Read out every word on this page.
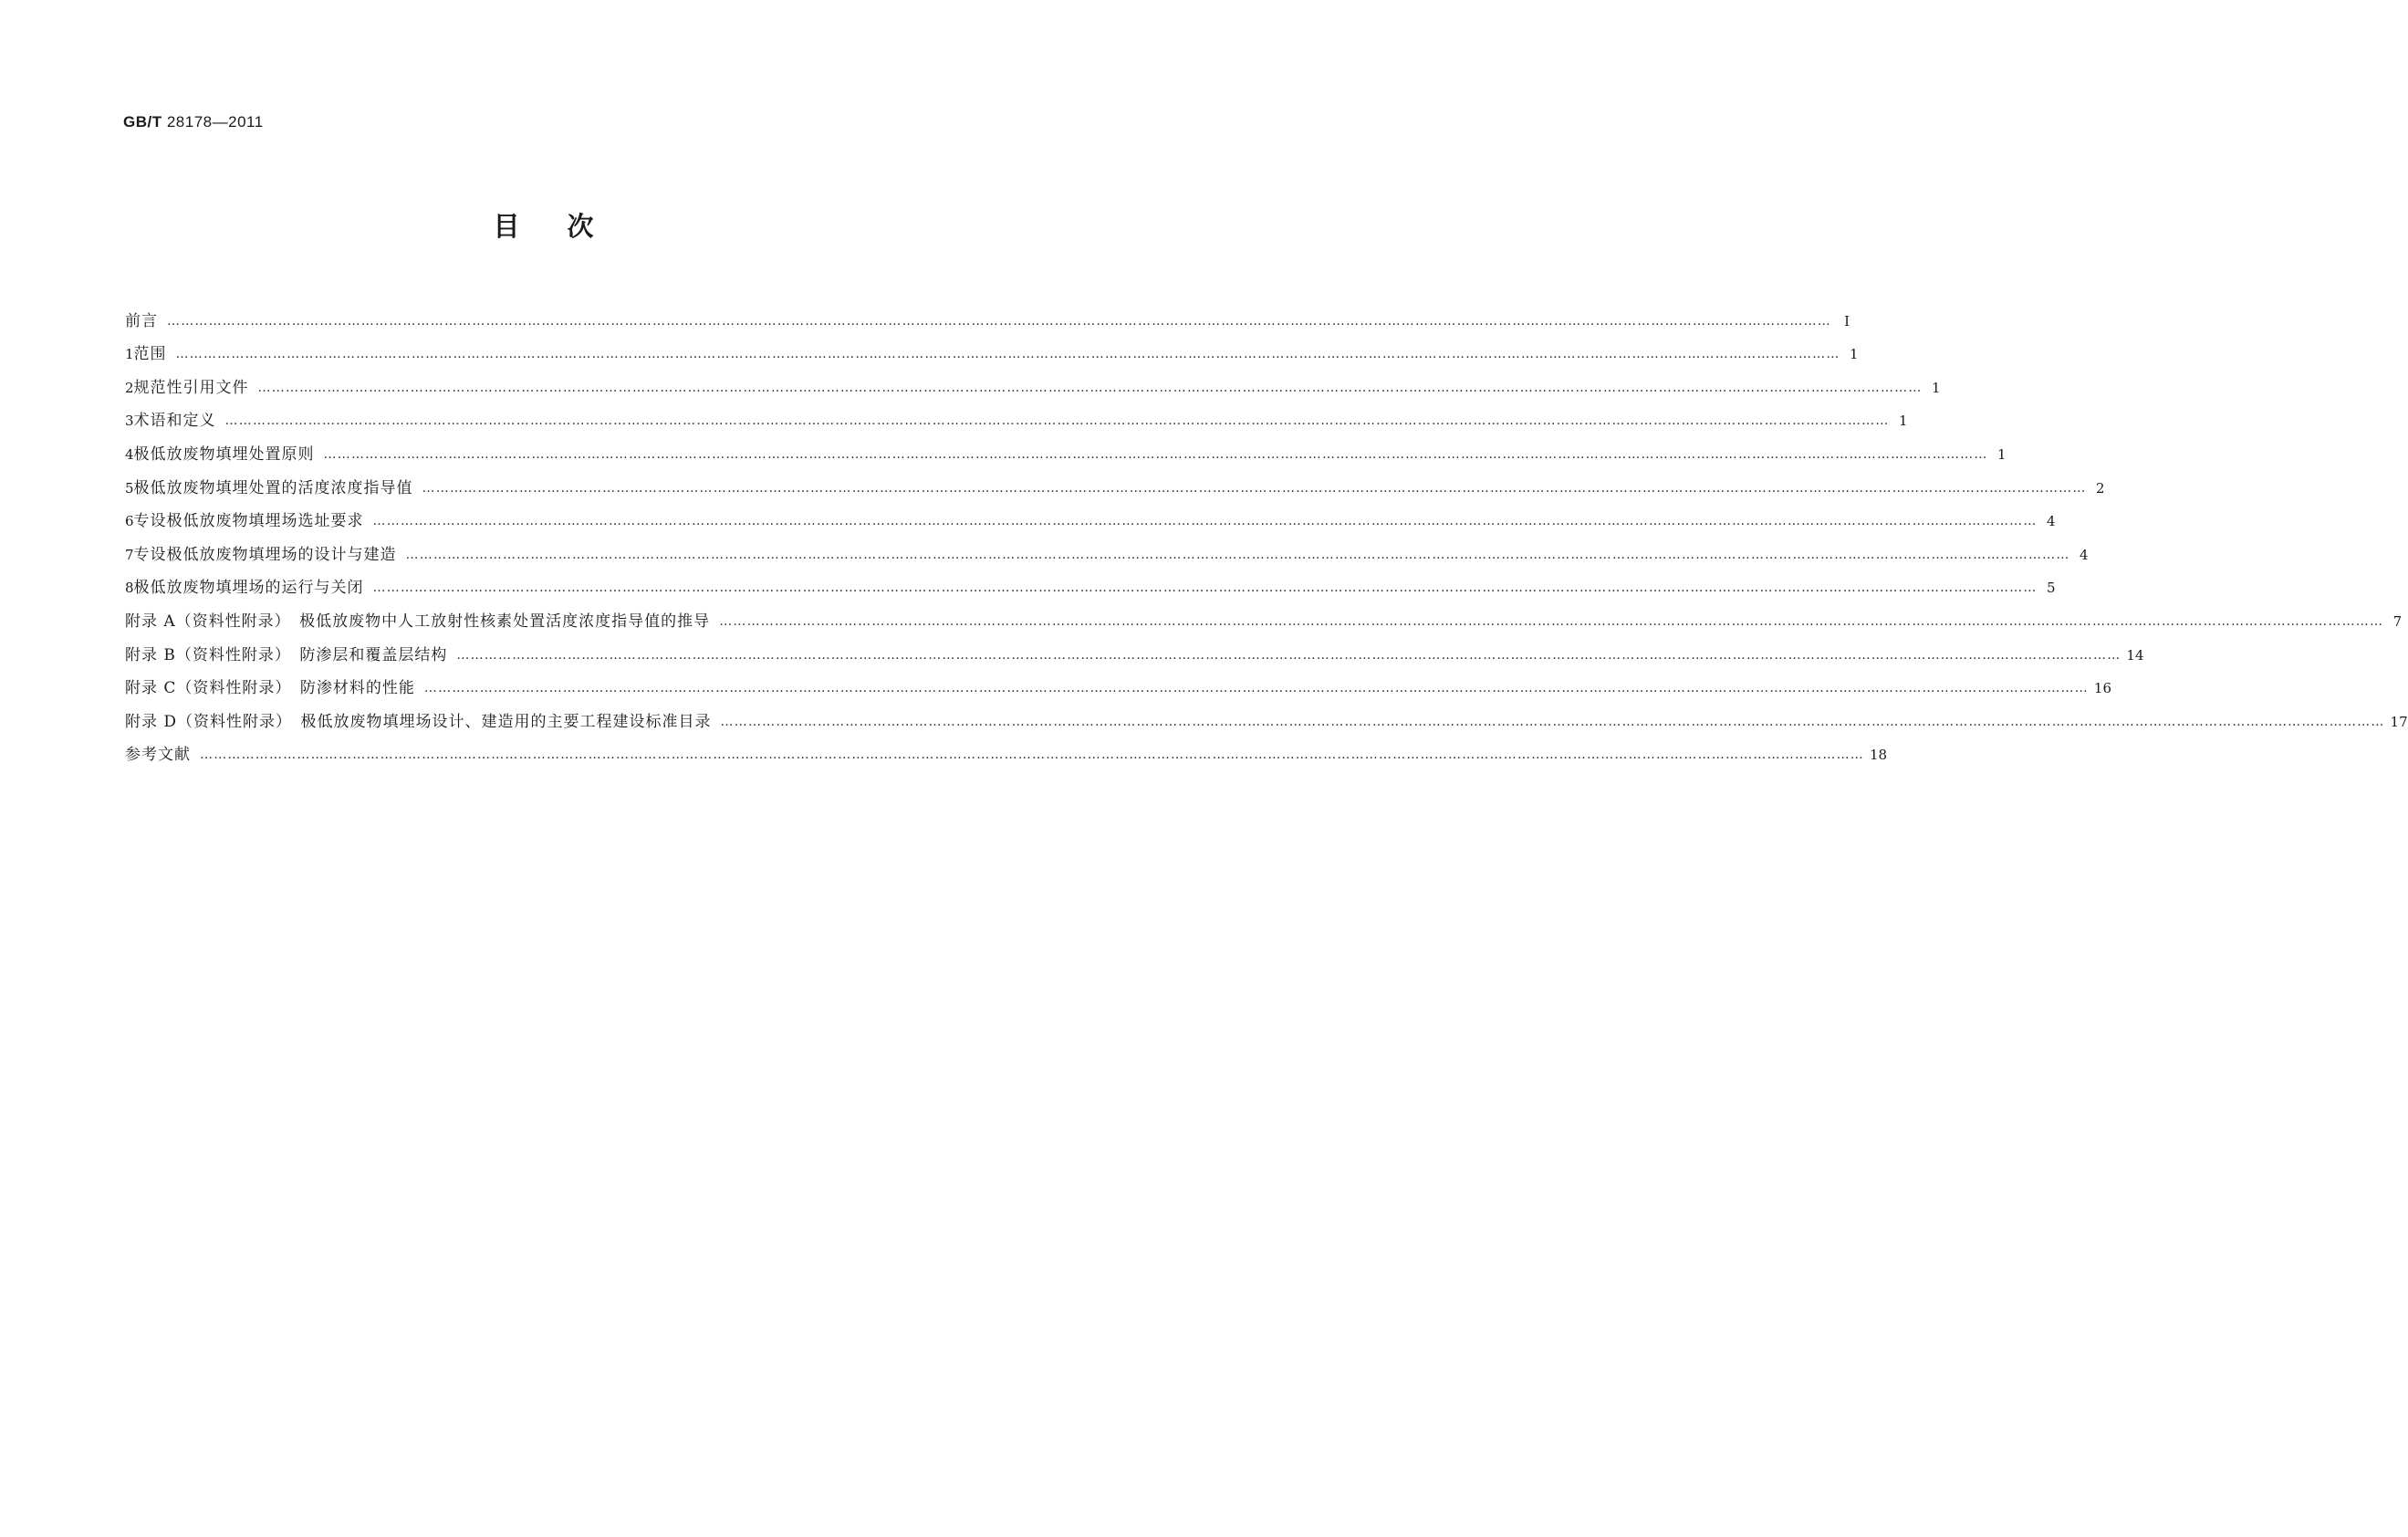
GB/T 28178—2011
目次
前言 ……………………………………………………………………………………………………………………………………………………………………………………………………………………………………………………………………………………………………………………………… Ⅰ
1 范围 ……………………………………………………………………………………………………………………………………………………………………………………………………………………………………………………………………………………………………………………………… 1
2 规范性引用文件 ……………………………………………………………………………………………………………………………………………………………………………………………………………………………………………………………………………………………………………………………… 1
3 术语和定义 ……………………………………………………………………………………………………………………………………………………………………………………………………………………………………………………………………………………………………………………………… 1
4 极低放废物填埋处置原则 ……………………………………………………………………………………………………………………………………………………………………………………………………………………………………………………………………………………………………………………………… 1
5 极低放废物填埋处置的活度浓度指导值 ……………………………………………………………………………………………………………………………………………………………………………………………………………………………………………………………………………………………………………………………… 2
6 专设极低放废物填埋场选址要求 ……………………………………………………………………………………………………………………………………………………………………………………………………………………………………………………………………………………………………………………………… 4
7 专设极低放废物填埋场的设计与建造 ……………………………………………………………………………………………………………………………………………………………………………………………………………………………………………………………………………………………………………………………… 4
8 极低放废物填埋场的运行与关闭 ……………………………………………………………………………………………………………………………………………………………………………………………………………………………………………………………………………………………………………………………… 5
附录 A（资料性附录）　极低放废物中人工放射性核素处置活度浓度指导值的推导 ……………………………………………………………………………………………………………………………………………………………………………………………………………………………………………………………………………………………………………………………… 7
附录 B（资料性附录）　防渗层和覆盖层结构 ……………………………………………………………………………………………………………………………………………………………………………………………………………………………………………………………………………………………………………………………… 14
附录 C（资料性附录）　防渗材料的性能 ……………………………………………………………………………………………………………………………………………………………………………………………………………………………………………………………………………………………………………………………… 16
附录 D（资料性附录）　极低放废物填埋场设计、建造用的主要工程建设标准目录 ……………………………………………………………………………………………………………………………………………………………………………………………………………………………………………………………………………………………………………………………… 17
参考文献 ……………………………………………………………………………………………………………………………………………………………………………………………………………………………………………………………………………………………………………………………… 18
